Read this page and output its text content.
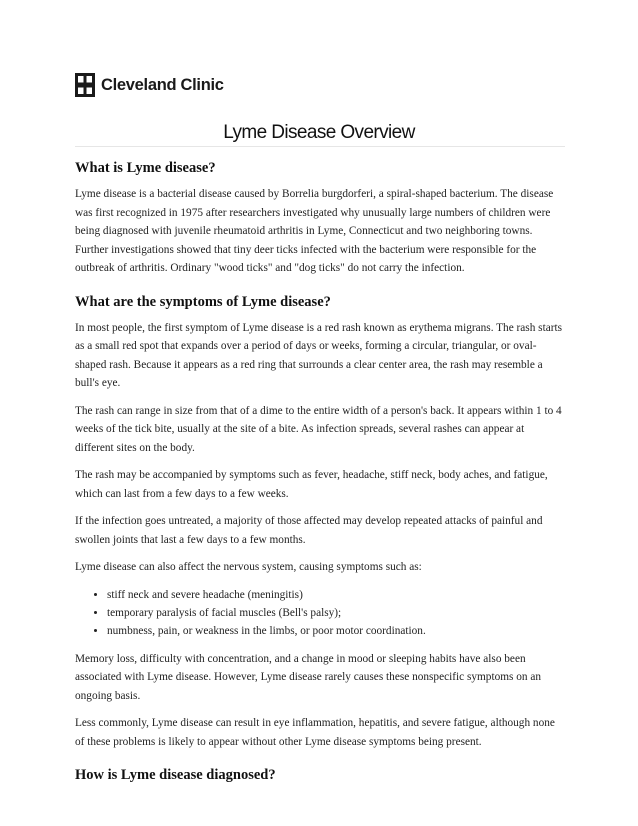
Cleveland Clinic
Lyme Disease Overview
What is Lyme disease?

Lyme disease is a bacterial disease caused by Borrelia burgdorferi, a spiral-shaped bacterium. The disease was first recognized in 1975 after researchers investigated why unusually large numbers of children were being diagnosed with juvenile rheumatoid arthritis in Lyme, Connecticut and two neighboring towns. Further investigations showed that tiny deer ticks infected with the bacterium were responsible for the outbreak of arthritis. Ordinary "wood ticks" and "dog ticks" do not carry the infection.

What are the symptoms of Lyme disease?

In most people, the first symptom of Lyme disease is a red rash known as erythema migrans. The rash starts as a small red spot that expands over a period of days or weeks, forming a circular, triangular, or oval-shaped rash. Because it appears as a red ring that surrounds a clear center area, the rash may resemble a bull's eye.

The rash can range in size from that of a dime to the entire width of a person's back. It appears within 1 to 4 weeks of the tick bite, usually at the site of a bite. As infection spreads, several rashes can appear at different sites on the body.

The rash may be accompanied by symptoms such as fever, headache, stiff neck, body aches, and fatigue, which can last from a few days to a few weeks.

If the infection goes untreated, a majority of those affected may develop repeated attacks of painful and swollen joints that last a few days to a few months.

Lyme disease can also affect the nervous system, causing symptoms such as:

• stiff neck and severe headache (meningitis)
• temporary paralysis of facial muscles (Bell's palsy);
• numbness, pain, or weakness in the limbs, or poor motor coordination.

Memory loss, difficulty with concentration, and a change in mood or sleeping habits have also been associated with Lyme disease. However, Lyme disease rarely causes these nonspecific symptoms on an ongoing basis.

Less commonly, Lyme disease can result in eye inflammation, hepatitis, and severe fatigue, although none of these problems is likely to appear without other Lyme disease symptoms being present.

How is Lyme disease diagnosed?
